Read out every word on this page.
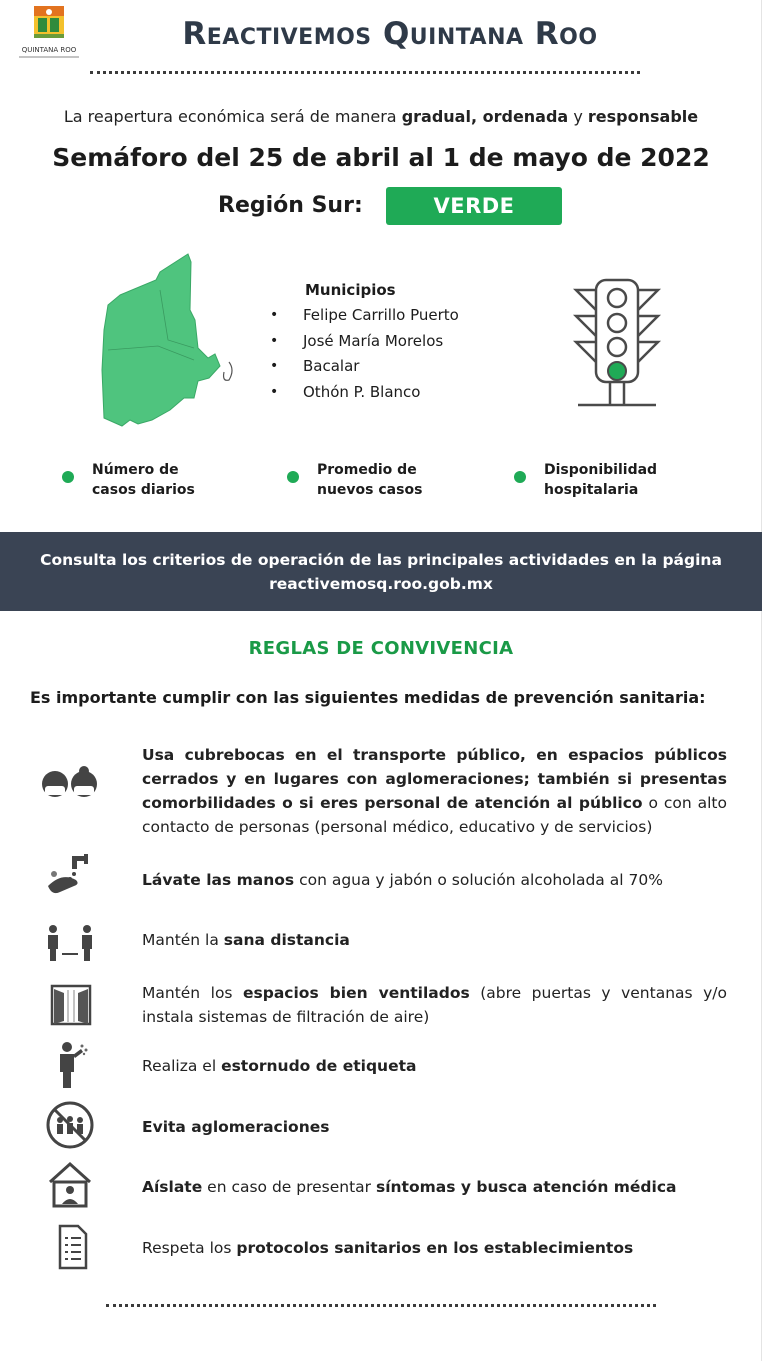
QUINTANA ROO	Reactivemos Quintana Roo
La reapertura económica será de manera gradual, ordenada y responsable
Semáforo del 25 de abril al 1 de mayo de 2022
Región Sur:	VERDE
Municipios
• Felipe Carrillo Puerto
• José María Morelos
• Bacalar
• Othón P. Blanco
Número de
casos diarios
Promedio de
nuevos casos
Disponibilidad
hospitalaria
Consulta los criterios de operación de las principales actividades en la página
reactivemosq.roo.gob.mx
REGLAS DE CONVIVENCIA
Es importante cumplir con las siguientes medidas de prevención sanitaria:
Usa cubrebocas en el transporte público, en espacios públicos cerrados y en lugares con aglomeraciones; también si presentas comorbilidades o si eres personal de atención al público o con alto contacto de personas (personal médico, educativo y de servicios)
Lávate las manos con agua y jabón o solución alcoholada al 70%
Mantén la sana distancia
Mantén los espacios bien ventilados (abre puertas y ventanas y/o instala sistemas de filtración de aire)
Realiza el estornudo de etiqueta
Evita aglomeraciones
Aíslate en caso de presentar síntomas y busca atención médica
Respeta los protocolos sanitarios en los establecimientos
